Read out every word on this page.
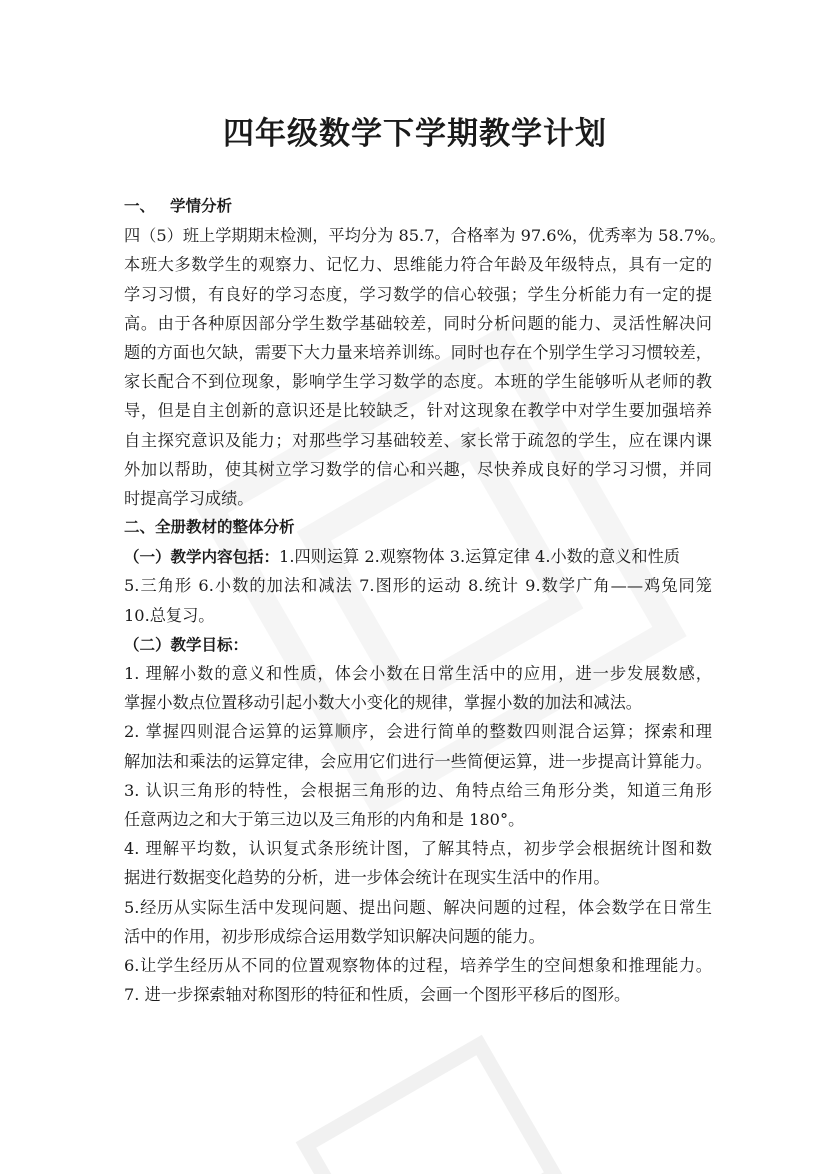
四年级数学下学期教学计划
一、 学情分析
四（5）班上学期期末检测，平均分为 85.7，合格率为 97.6%，优秀率为 58.7%。
本班大多数学生的观察力、记忆力、思维能力符合年龄及年级特点，具有一定的
学习习惯，有良好的学习态度，学习数学的信心较强；学生分析能力有一定的提
高。由于各种原因部分学生数学基础较差，同时分析问题的能力、灵活性解决问
题的方面也欠缺，需要下大力量来培养训练。同时也存在个别学生学习习惯较差，
家长配合不到位现象，影响学生学习数学的态度。本班的学生能够听从老师的教
导，但是自主创新的意识还是比较缺乏，针对这现象在教学中对学生要加强培养
自主探究意识及能力；对那些学习基础较差、家长常于疏忽的学生，应在课内课
外加以帮助，使其树立学习数学的信心和兴趣，尽快养成良好的学习习惯，并同
时提高学习成绩。
二、全册教材的整体分析
（一）教学内容包括：1.四则运算 2.观察物体 3.运算定律 4.小数的意义和性质
5.三角形 6.小数的加法和减法 7.图形的运动 8.统计 9.数学广角——鸡兔同笼
10.总复习。
（二）教学目标：
1. 理解小数的意义和性质，体会小数在日常生活中的应用，进一步发展数感，
掌握小数点位置移动引起小数大小变化的规律，掌握小数的加法和减法。
2. 掌握四则混合运算的运算顺序，会进行简单的整数四则混合运算；探索和理
解加法和乘法的运算定律，会应用它们进行一些简便运算，进一步提高计算能力。
3. 认识三角形的特性，会根据三角形的边、角特点给三角形分类，知道三角形
任意两边之和大于第三边以及三角形的内角和是 180°。
4. 理解平均数，认识复式条形统计图，了解其特点，初步学会根据统计图和数
据进行数据变化趋势的分析，进一步体会统计在现实生活中的作用。
5.经历从实际生活中发现问题、提出问题、解决问题的过程，体会数学在日常生
活中的作用，初步形成综合运用数学知识解决问题的能力。
6.让学生经历从不同的位置观察物体的过程，培养学生的空间想象和推理能力。
7. 进一步探索轴对称图形的特征和性质，会画一个图形平移后的图形。
